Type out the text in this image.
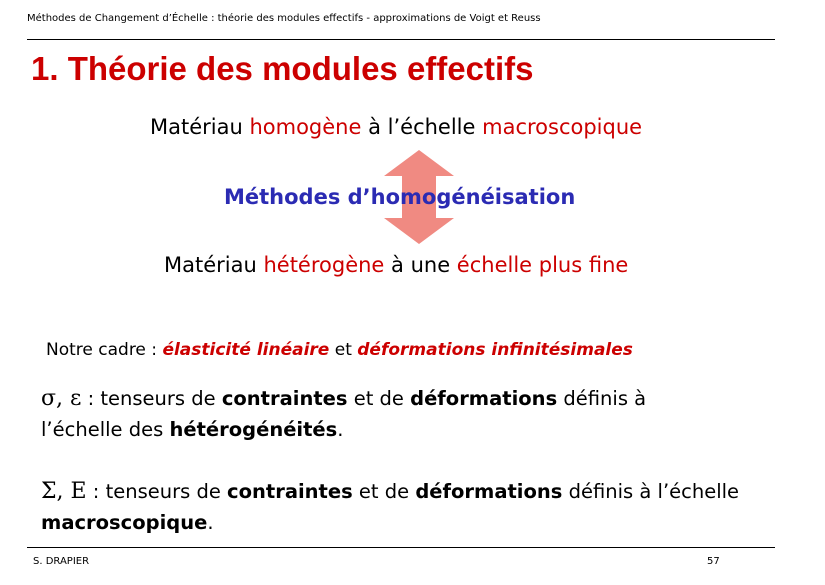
Méthodes de Changement d’Échelle : théorie des modules effectifs - approximations de Voigt et Reuss
1. Théorie des modules effectifs
Matériau homogène à l’échelle macroscopique
Méthodes d’homogénéisation
Matériau hétérogène à une échelle plus fine
Notre cadre : élasticité linéaire et déformations infinitésimales
σ, ε : tenseurs de contraintes et de déformations définis à l’échelle des hétérogénéités.
Σ, Ε : tenseurs de contraintes et de déformations définis à l’échelle macroscopique.
S. DRAPIER	57
